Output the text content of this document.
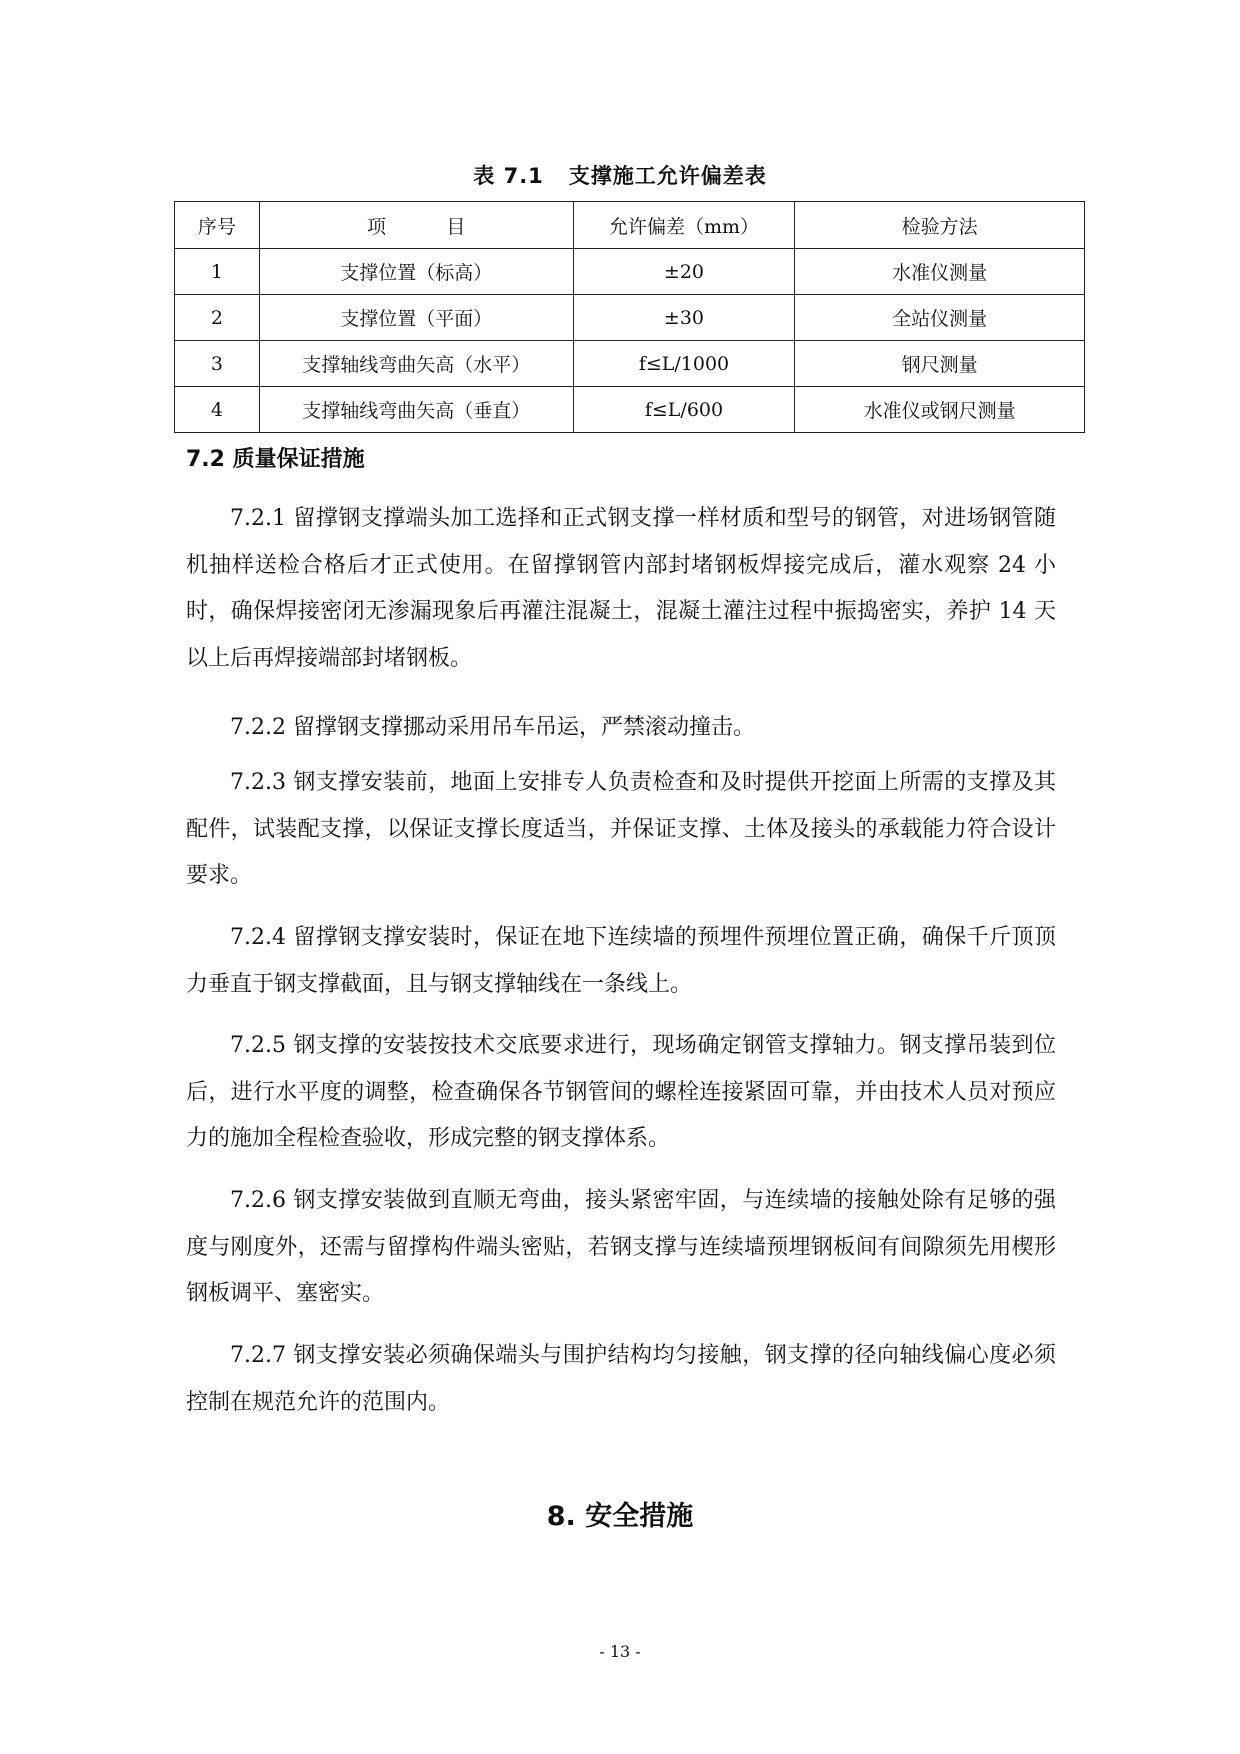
表 7.1   支撑施工允许偏差表
序号	项          目	允许偏差（mm）	检验方法
1	支撑位置（标高）	±20	水准仪测量
2	支撑位置（平面）	±30	全站仪测量
3	支撑轴线弯曲矢高（水平）	f≤L/1000	钢尺测量
4	支撑轴线弯曲矢高（垂直）	f≤L/600	水准仪或钢尺测量
7.2 质量保证措施

7.2.1 留撑钢支撑端头加工选择和正式钢支撑一样材质和型号的钢管，对进场钢管随机抽样送检合格后才正式使用。在留撑钢管内部封堵钢板焊接完成后，灌水观察 24 小时，确保焊接密闭无渗漏现象后再灌注混凝土，混凝土灌注过程中振捣密实，养护 14 天以上后再焊接端部封堵钢板。

7.2.2 留撑钢支撑挪动采用吊车吊运，严禁滚动撞击。

7.2.3 钢支撑安装前，地面上安排专人负责检查和及时提供开挖面上所需的支撑及其配件，试装配支撑，以保证支撑长度适当，并保证支撑、土体及接头的承载能力符合设计要求。

7.2.4 留撑钢支撑安装时，保证在地下连续墙的预埋件预埋位置正确，确保千斤顶顶力垂直于钢支撑截面，且与钢支撑轴线在一条线上。

7.2.5 钢支撑的安装按技术交底要求进行，现场确定钢管支撑轴力。钢支撑吊装到位后，进行水平度的调整，检查确保各节钢管间的螺栓连接紧固可靠，并由技术人员对预应力的施加全程检查验收，形成完整的钢支撑体系。

7.2.6 钢支撑安装做到直顺无弯曲，接头紧密牢固，与连续墙的接触处除有足够的强度与刚度外，还需与留撑构件端头密贴，若钢支撑与连续墙预埋钢板间有间隙须先用楔形钢板调平、塞密实。

7.2.7 钢支撑安装必须确保端头与围护结构均匀接触，钢支撑的径向轴线偏心度必须控制在规范允许的范围内。

8. 安全措施
- 13 -
